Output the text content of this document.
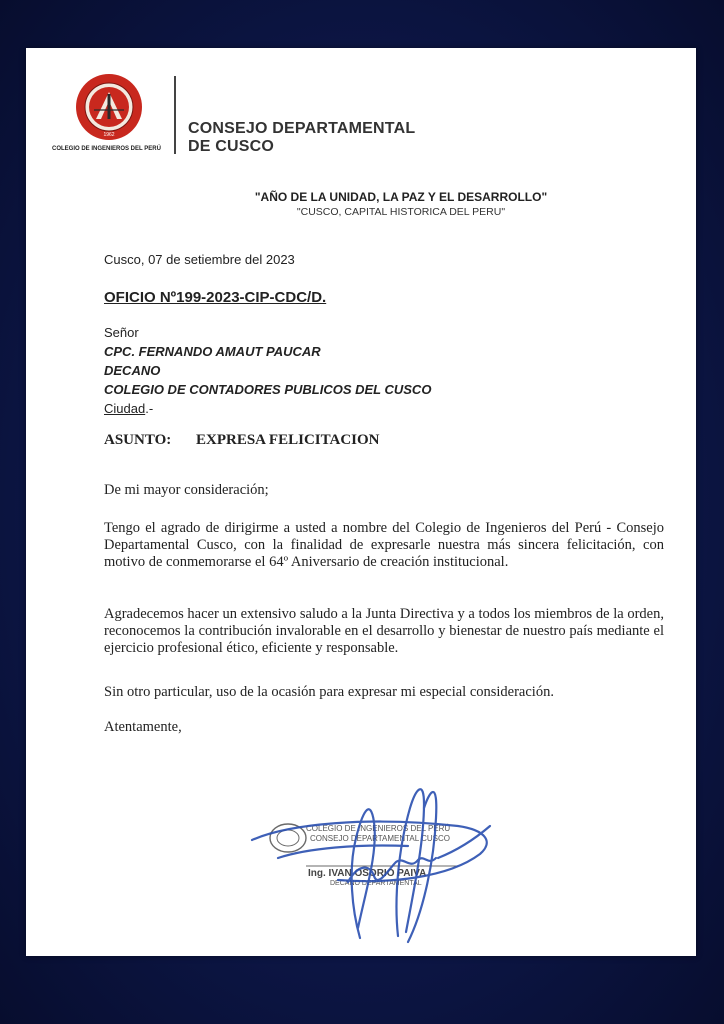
1962
COLEGIO DE INGENIEROS DEL PERÚ
CONSEJO DEPARTAMENTAL
DE CUSCO
"AÑO DE LA UNIDAD, LA PAZ Y EL DESARROLLO"
"CUSCO, CAPITAL HISTORICA DEL PERU"
Cusco, 07 de setiembre del 2023
OFICIO Nº199-2023-CIP-CDC/D.
Señor
CPC. FERNANDO AMAUT PAUCAR
DECANO
COLEGIO DE CONTADORES PUBLICOS DEL CUSCO
Ciudad.-
ASUNTO: EXPRESA FELICITACION
De mi mayor consideración;
Tengo el agrado de dirigirme a usted a nombre del Colegio de Ingenieros del Perú - Consejo Departamental Cusco, con la finalidad de expresarle nuestra más sincera felicitación, con motivo de conmemorarse el 64º Aniversario de creación institucional.
Agradecemos hacer un extensivo saludo a la Junta Directiva y a todos los miembros de la orden, reconocemos la contribución invalorable en el desarrollo y bienestar de nuestro país mediante el ejercicio profesional ético, eficiente y responsable.
Sin otro particular, uso de la ocasión para expresar mi especial consideración.
Atentamente,
COLEGIO DE INGENIEROS DEL PERÚ
CONSEJO DEPARTAMENTAL CUSCO
Ing. IVAN OSORIO PAIVA
DECANO DEPARTAMENTAL
